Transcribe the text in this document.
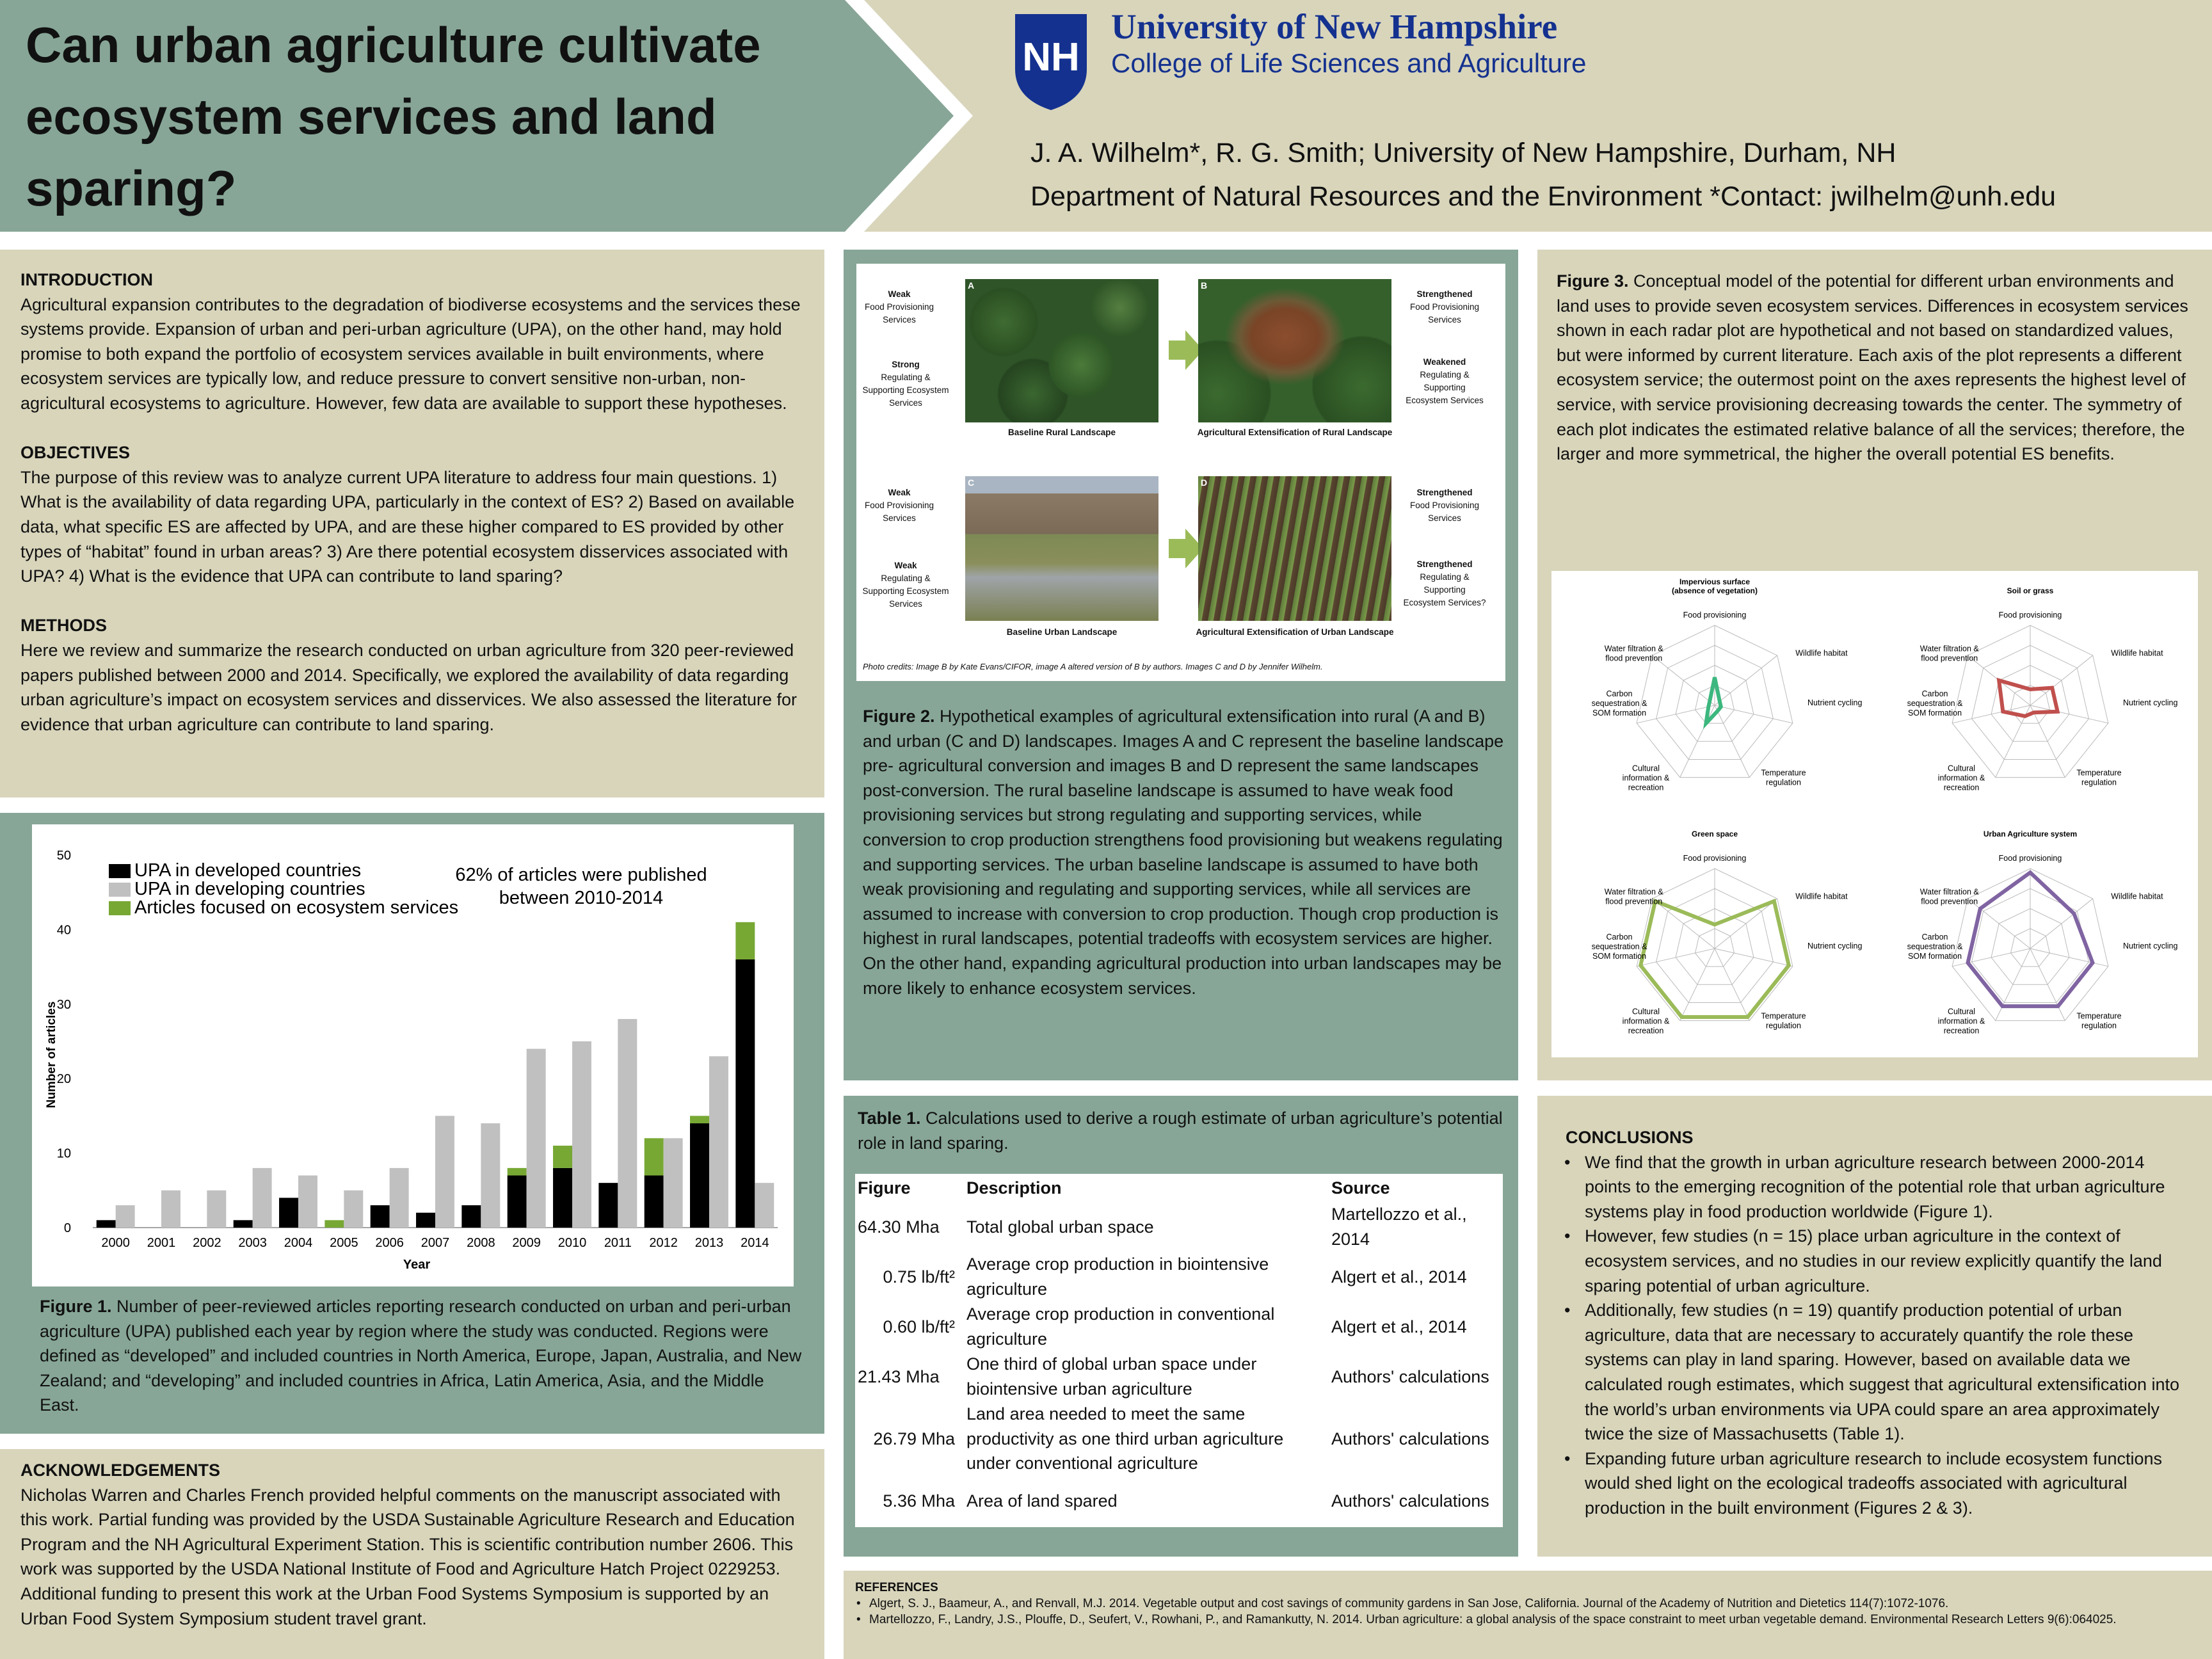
Can urban agriculture cultivate
ecosystem services and land
sparing?
NH
University of New Hampshire
College of Life Sciences and Agriculture
J. A. Wilhelm*, R. G. Smith; University of New Hampshire, Durham, NH
Department of Natural Resources and the Environment *Contact: jwilhelm@unh.edu
INTRODUCTION
Agricultural expansion contributes to the degradation of biodiverse ecosystems and the services these systems provide. Expansion of urban and peri-urban agriculture (UPA), on the other hand, may hold promise to both expand the portfolio of ecosystem services available in built environments, where ecosystem services are typically low, and reduce pressure to convert sensitive non-urban, non-agricultural ecosystems to agriculture. However, few data are available to support these hypotheses.

OBJECTIVES
The purpose of this review was to analyze current UPA literature to address four main questions. 1) What is the availability of data regarding UPA, particularly in the context of ES? 2) Based on available data, what specific ES are affected by UPA, and are these higher compared to ES provided by other types of “habitat” found in urban areas? 3) Are there potential ecosystem disservices associated with UPA? 4) What is the evidence that UPA can contribute to land sparing?

METHODS
Here we review and summarize the research conducted on urban agriculture from 320 peer-reviewed papers published between 2000 and 2014. Specifically, we explored the availability of data regarding urban agriculture’s impact on ecosystem services and disservices. We also assessed the literature for evidence that urban agriculture can contribute to land sparing.
0
10
20
30
40
50
2000 2001 2002 2003 2004 2005 2006 2007 2008 2009 2010 2011 2012 2013 2014
Number of articles
Year
UPA in developed countries
UPA in developing countries
Articles focused on ecosystem services
62% of articles were published
between 2010-2014
Figure 1. Number of peer-reviewed articles reporting research conducted on urban and peri-urban agriculture (UPA) published each year by region where the study was conducted. Regions were defined as “developed” and included countries in North America, Europe, Japan, Australia, and New Zealand; and “developing” and included countries in Africa, Latin America, Asia, and the Middle East.
ACKNOWLEDGEMENTS
Nicholas Warren and Charles French provided helpful comments on the manuscript associated with this work. Partial funding was provided by the USDA Sustainable Agriculture Research and Education Program and the NH Agricultural Experiment Station. This is scientific contribution number 2606. This work was supported by the USDA National Institute of Food and Agriculture Hatch Project 0229253. Additional funding to present this work at the Urban Food Systems Symposium is supported by an Urban Food System Symposium student travel grant.
Weak
Food Provisioning
Services
Strong
Regulating &
Supporting Ecosystem
Services
Weak
Food Provisioning
Services
Weak
Regulating &
Supporting Ecosystem
Services
Strengthened
Food Provisioning
Services
Weakened
Regulating &
Supporting
Ecosystem Services
Strengthened
Food Provisioning
Services
Strengthened
Regulating &
Supporting
Ecosystem Services?
A	B
Baseline Rural Landscape	Agricultural Extensification of Rural Landscape
C	D
Baseline Urban Landscape	Agricultural Extensification of Urban Landscape
Photo credits: Image B by Kate Evans/CIFOR, image A altered version of B by authors. Images C and D by Jennifer Wilhelm.
Figure 2. Hypothetical examples of agricultural extensification into rural (A and B) and urban (C and D) landscapes. Images A and C represent the baseline landscape pre- agricultural conversion and images B and D represent the same landscapes post-conversion. The rural baseline landscape is assumed to have weak food provisioning services but strong regulating and supporting services, while conversion to crop production strengthens food provisioning but weakens regulating and supporting services. The urban baseline landscape is assumed to have both weak provisioning and regulating and supporting services, while all services are assumed to increase with conversion to crop production. Though crop production is highest in rural landscapes, potential tradeoffs with ecosystem services are higher. On the other hand, expanding agricultural production into urban landscapes may be more likely to enhance ecosystem services.
Table 1. Calculations used to derive a rough estimate of urban agriculture’s potential role in land sparing.
Figure	Description	Source
64.30 Mha	Total global urban space	Martellozzo et al., 2014
0.75 lb/ft²	Average crop production in biointensive agriculture	Algert et al., 2014
0.60 lb/ft²	Average crop production in conventional agriculture	Algert et al., 2014
21.43 Mha	One third of global urban space under biointensive urban agriculture	Authors' calculations
26.79 Mha	Land area needed to meet the same productivity as one third urban agriculture under conventional agriculture	Authors' calculations
5.36 Mha	Area of land spared	Authors' calculations
REFERENCES
• Algert, S. J., Baameur, A., and Renvall, M.J. 2014. Vegetable output and cost savings of community gardens in San Jose, California. Journal of the Academy of Nutrition and Dietetics 114(7):1072-1076.
• Martellozzo, F., Landry, J.S., Plouffe, D., Seufert, V., Rowhani, P., and Ramankutty, N. 2014. Urban agriculture: a global analysis of the space constraint to meet urban vegetable demand. Environmental Research Letters 9(6):064025.
Figure 3. Conceptual model of the potential for different urban environments and land uses to provide seven ecosystem services. Differences in ecosystem services shown in each radar plot are hypothetical and not based on standardized values, but were informed by current literature. Each axis of the plot represents a different ecosystem service; the outermost point on the axes represents the highest level of service, with service provisioning decreasing towards the center. The symmetry of each plot indicates the estimated relative balance of all the services; therefore, the larger and more symmetrical, the higher the overall potential ES benefits.
Impervious surface
(absence of vegetation)
Food provisioning
Wildlife habitat
Nutrient cycling
Temperature
regulation
Cultural
information &
recreation
Carbon
sequestration &
SOM formation
Water filtration &
flood prevention
Soil or grass
Food provisioning
Wildlife habitat
Nutrient cycling
Temperature
regulation
Cultural
information &
recreation
Carbon
sequestration &
SOM formation
Water filtration &
flood prevention
Green space
Food provisioning
Wildlife habitat
Nutrient cycling
Temperature
regulation
Cultural
information &
recreation
Carbon
sequestration &
SOM formation
Water filtration &
flood prevention
Urban Agriculture system
Food provisioning
Wildlife habitat
Nutrient cycling
Temperature
regulation
Cultural
information &
recreation
Carbon
sequestration &
SOM formation
Water filtration &
flood prevention
CONCLUSIONS
• We find that the growth in urban agriculture research between 2000-2014 points to the emerging recognition of the potential role that urban agriculture systems play in food production worldwide (Figure 1).
• However, few studies (n = 15) place urban agriculture in the context of ecosystem services, and no studies in our review explicitly quantify the land sparing potential of urban agriculture.
• Additionally, few studies (n = 19) quantify production potential of urban agriculture, data that are necessary to accurately quantify the role these systems can play in land sparing. However, based on available data we calculated rough estimates, which suggest that agricultural extensification into the world’s urban environments via UPA could spare an area approximately twice the size of Massachusetts (Table 1).
• Expanding future urban agriculture research to include ecosystem functions would shed light on the ecological tradeoffs associated with agricultural production in the built environment (Figures 2 & 3).
